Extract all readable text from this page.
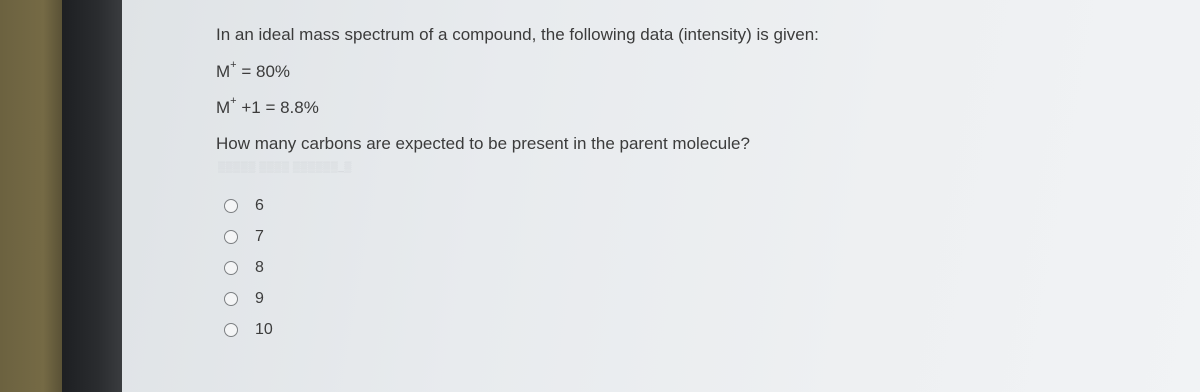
In an ideal mass spectrum of a compound, the following data (intensity) is given:
M+ = 80%
M+ +1 = 8.8%
How many carbons are expected to be present in the parent molecule?
▒▒▒▒▒ ▒▒▒▒ ▒▒▒▒▒▒_▒
6
7
8
9
10
